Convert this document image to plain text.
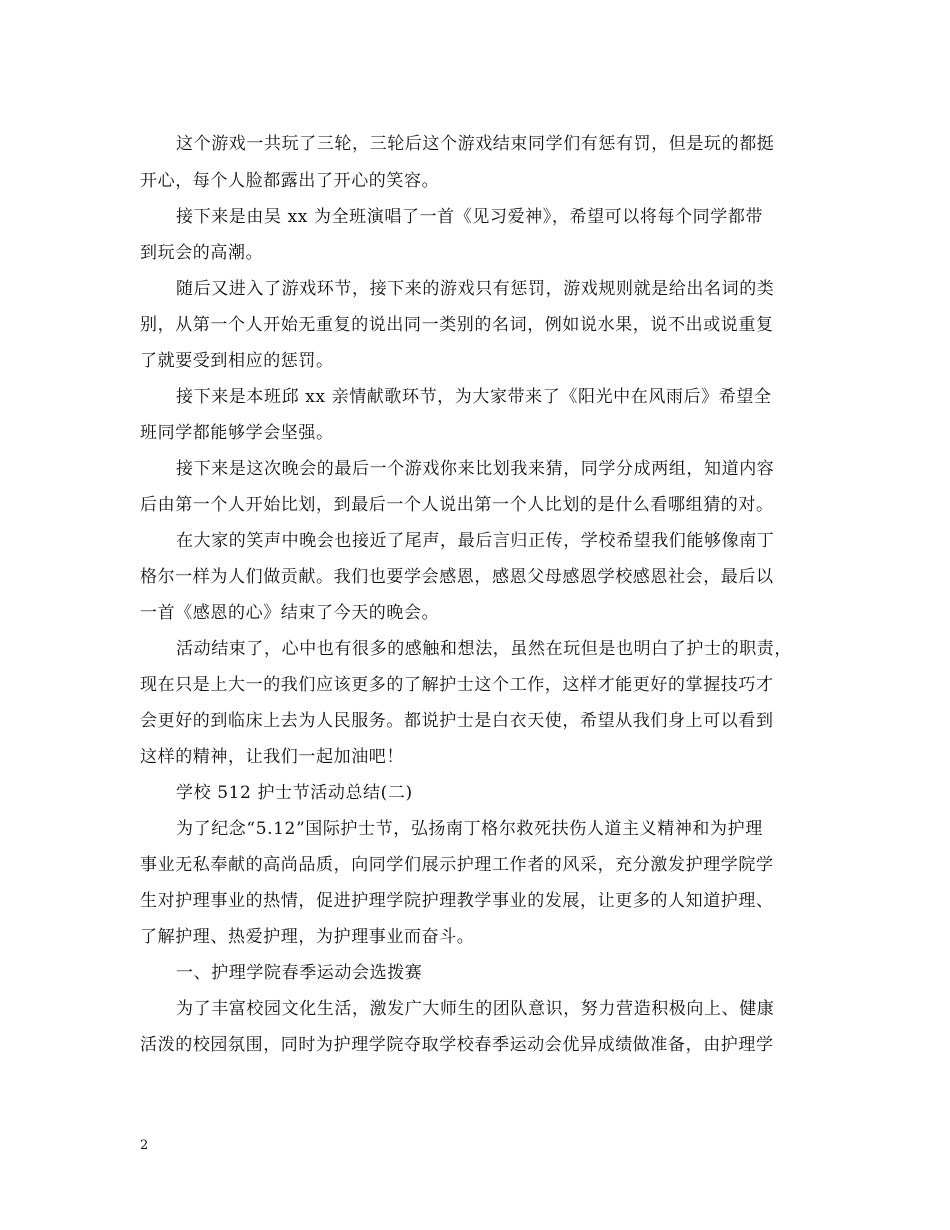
这个游戏一共玩了三轮，三轮后这个游戏结束同学们有惩有罚，但是玩的都挺
开心，每个人脸都露出了开心的笑容。
接下来是由吴 xx 为全班演唱了一首《见习爱神》，希望可以将每个同学都带
到玩会的高潮。
随后又进入了游戏环节，接下来的游戏只有惩罚，游戏规则就是给出名词的类
别，从第一个人开始无重复的说出同一类别的名词，例如说水果，说不出或说重复
了就要受到相应的惩罚。
接下来是本班邱 xx 亲情献歌环节，为大家带来了《阳光中在风雨后》希望全
班同学都能够学会坚强。
接下来是这次晚会的最后一个游戏你来比划我来猜，同学分成两组，知道内容
后由第一个人开始比划，到最后一个人说出第一个人比划的是什么看哪组猜的对。
在大家的笑声中晚会也接近了尾声，最后言归正传，学校希望我们能够像南丁
格尔一样为人们做贡献。我们也要学会感恩，感恩父母感恩学校感恩社会，最后以
一首《感恩的心》结束了今天的晚会。
活动结束了，心中也有很多的感触和想法，虽然在玩但是也明白了护士的职责，
现在只是上大一的我们应该更多的了解护士这个工作，这样才能更好的掌握技巧才
会更好的到临床上去为人民服务。都说护士是白衣天使，希望从我们身上可以看到
这样的精神，让我们一起加油吧！
学校 512 护士节活动总结(二)
为了纪念“5.12”国际护士节，弘扬南丁格尔救死扶伤人道主义精神和为护理
事业无私奉献的高尚品质，向同学们展示护理工作者的风采，充分激发护理学院学
生对护理事业的热情，促进护理学院护理教学事业的发展，让更多的人知道护理、
了解护理、热爱护理，为护理事业而奋斗。
一、护理学院春季运动会选拨赛
为了丰富校园文化生活，激发广大师生的团队意识，努力营造积极向上、健康
活泼的校园氛围，同时为护理学院夺取学校春季运动会优异成绩做准备，由护理学
2
